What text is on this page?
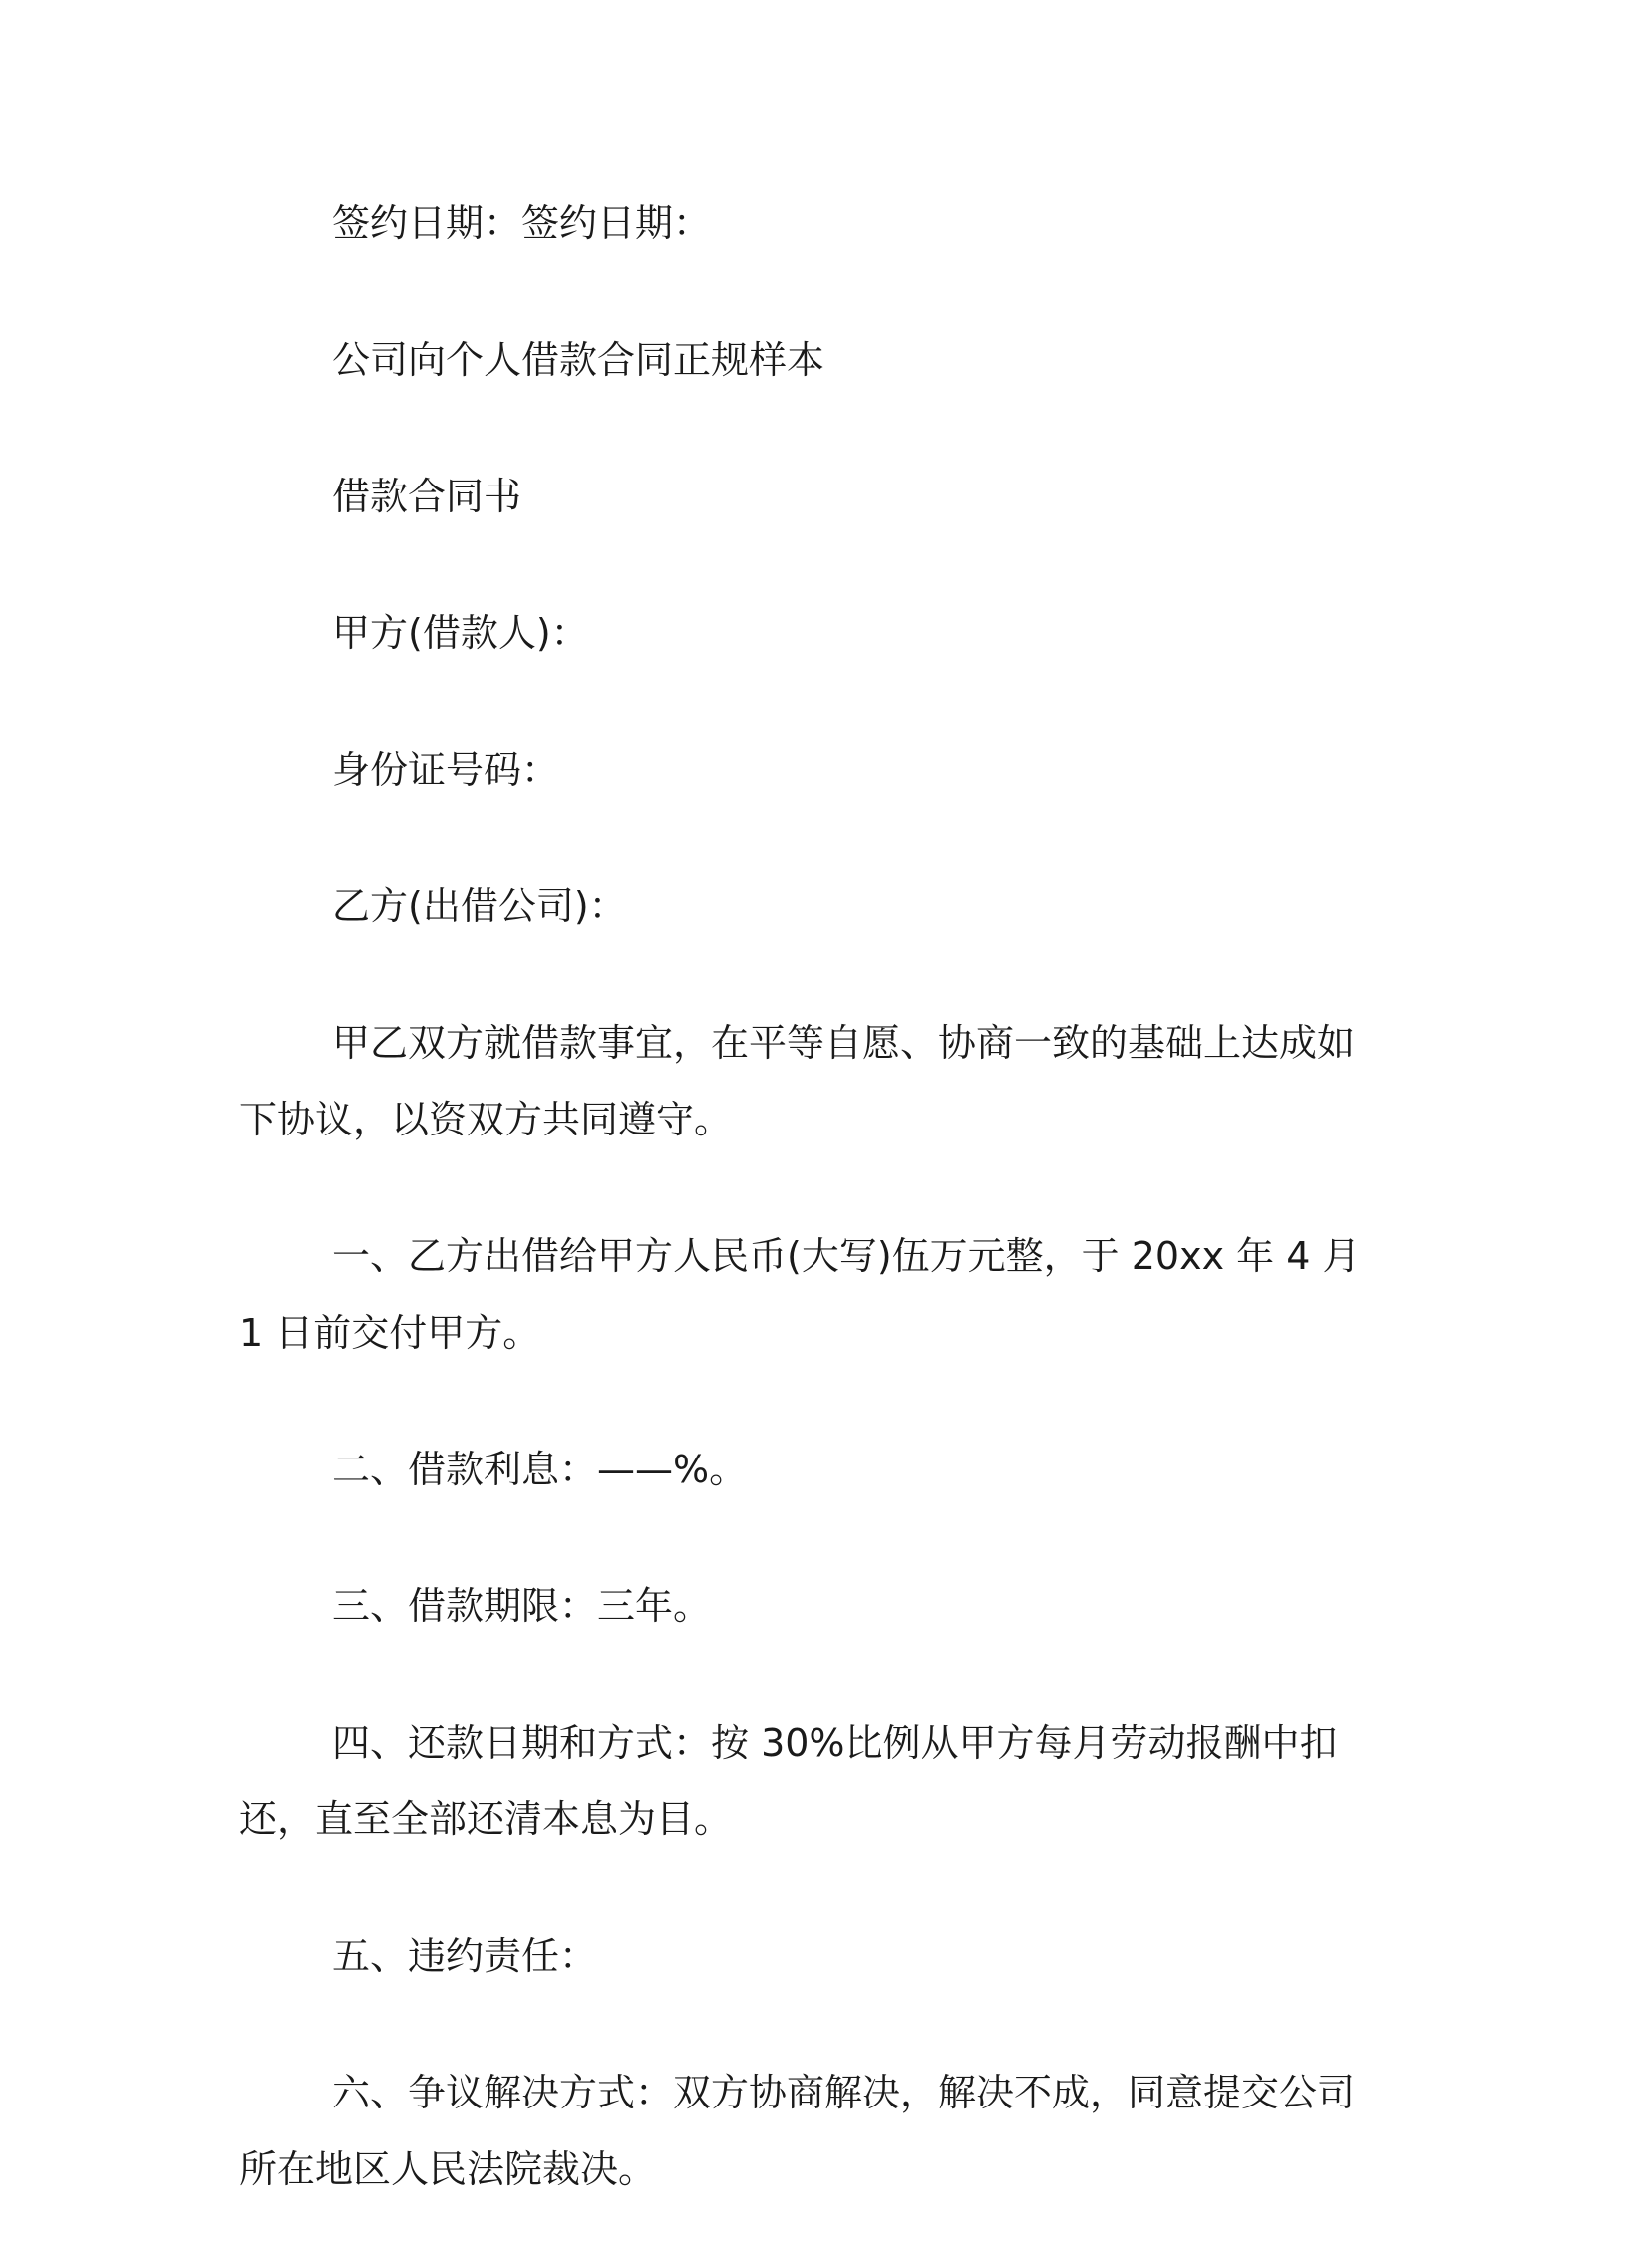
签约日期：签约日期：

公司向个人借款合同正规样本

借款合同书

甲方(借款人)：

身份证号码：

乙方(出借公司)：

甲乙双方就借款事宜，在平等自愿、协商一致的基础上达成如下协议，以资双方共同遵守。

一、乙方出借给甲方人民币(大写)伍万元整，于 20xx 年 4 月 1 日前交付甲方。

二、借款利息：——%。

三、借款期限：三年。

四、还款日期和方式：按 30%比例从甲方每月劳动报酬中扣还，直至全部还清本息为目。

五、违约责任：

六、争议解决方式：双方协商解决，解决不成，同意提交公司所在地区人民法院裁决。
